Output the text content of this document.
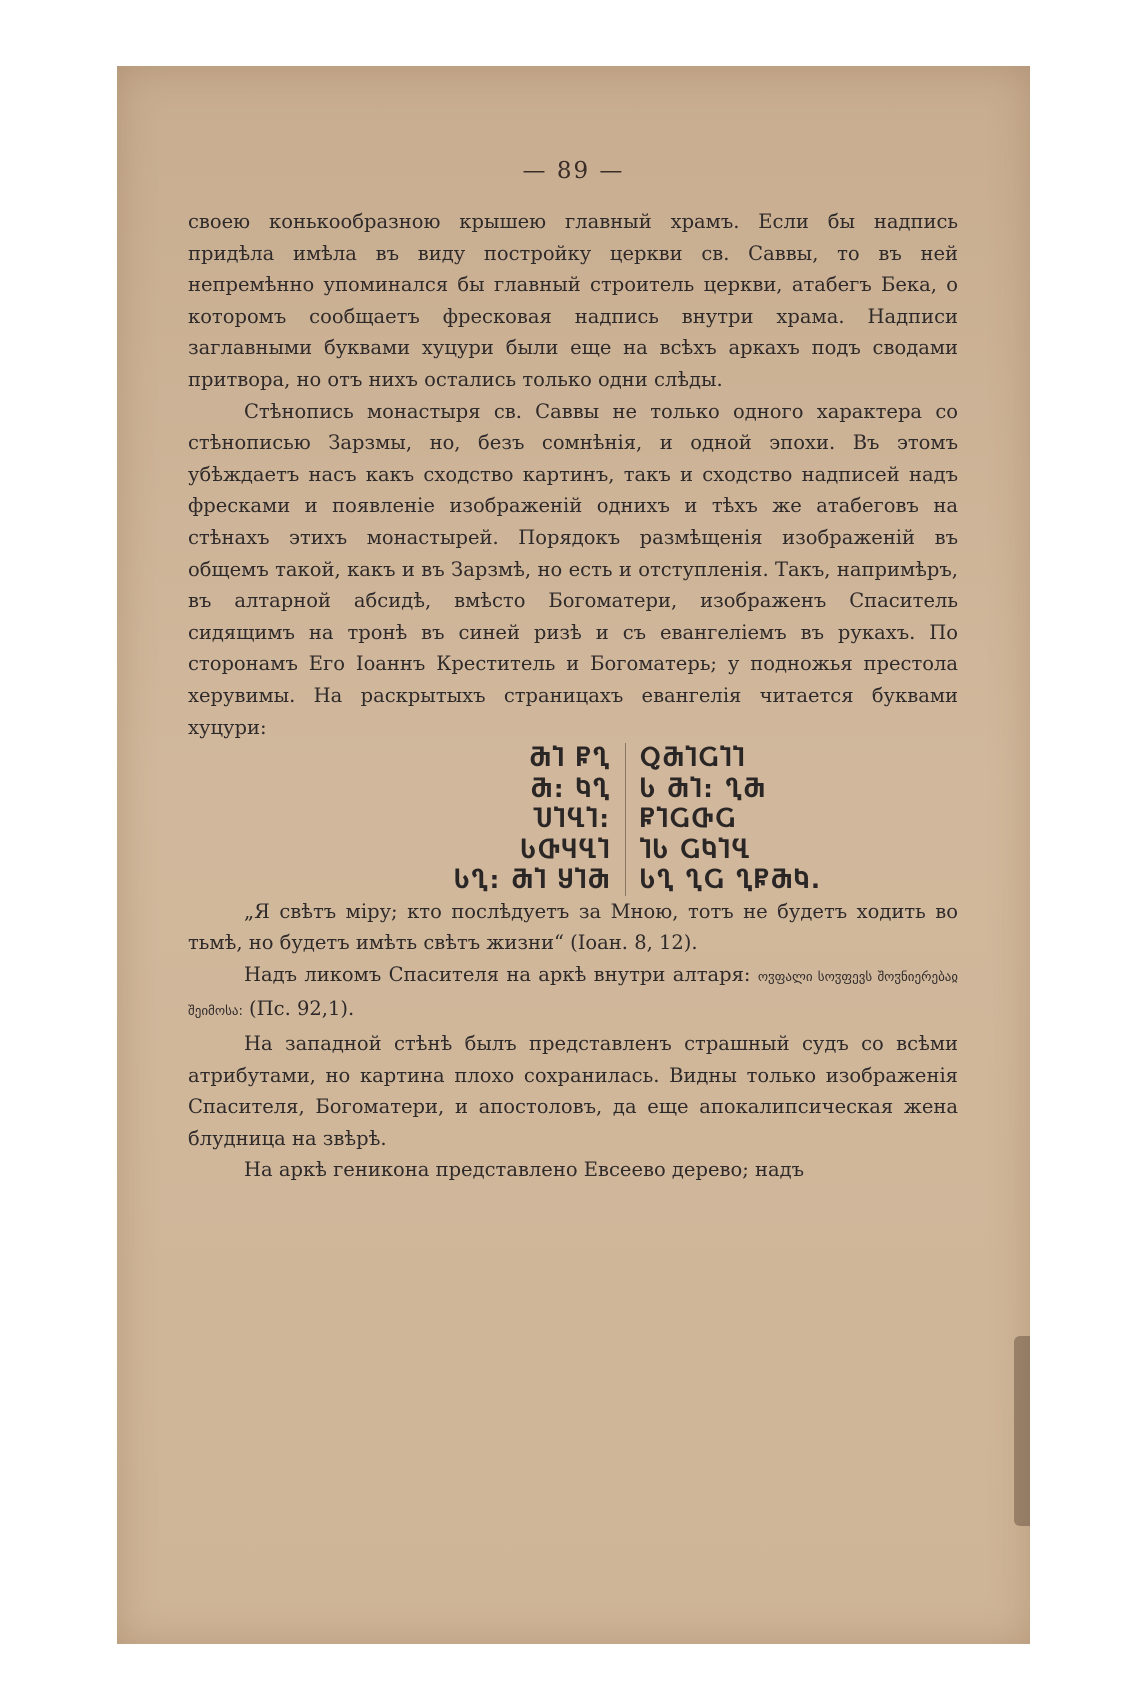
— 89 —

своею конькообразною крышею главный храмъ. Если бы надпись придѣла имѣла въ виду постройку церкви св. Саввы, то въ ней непремѣнно упоминался бы главный строитель церкви, атабегъ Бека, о которомъ сообщаетъ фресковая надпись внутри храма. Надписи заглавными буквами хуцури были еще на всѣхъ аркахъ подъ сводами притвора, но отъ нихъ остались только одни слѣды.

Стѣнопись монастыря св. Саввы не только одного характера со стѣнописью Зарзмы, но, безъ сомнѣнія, и одной эпохи. Въ этомъ убѣждаетъ насъ какъ сходство картинъ, такъ и сходство надписей надъ фресками и появленіе изображеній однихъ и тѣхъ же атабеговъ на стѣнахъ этихъ монастырей. Порядокъ размѣщенія изображеній въ общемъ такой, какъ и въ Зарзмѣ, но есть и отступленія. Такъ, напримѣръ, въ алтарной абсидѣ, вмѣсто Богоматери, изображенъ Спаситель сидящимъ на тронѣ въ синей ризѣ и съ евангеліемъ въ рукахъ. По сторонамъ Его Іоаннъ Креститель и Богоматерь; у подножья престола херувимы. На раскрытыхъ страницахъ евангелія читается буквами хуцури:

ႫႨ ႼႢ
Ⴋ: ႩႢ
ႮႨႡႨ:
ႱႧႷႡႨ
ႱႢ: ႫႨ ႸႨႫ
ႭႫႨႺႨႨ
Ⴑ ႫႨ: ႢႫ
ႼႨႺႧႺ
ႨႱ ႺႩႨႡ
ႱႢ ႢႺ ႢႼႫႩ.

„Я свѣтъ міру; кто послѣдуетъ за Мною, тотъ не будетъ ходить во тьмѣ, но будетъ имѣть свѣтъ жизни“ (Іоан. 8, 12).

Надъ ликомъ Спасителя на аркѣ внутри алтаря: ოჳფალი სოჳფევს შოჳნიერებაჲ შეიმოსა: (Пс. 92,1).

На западной стѣнѣ былъ представленъ страшный судъ со всѣми атрибутами, но картина плохо сохранилась. Видны только изображенія Спасителя, Богоматери, и апостоловъ, да еще апокалипсическая жена блудница на звѣрѣ.

На аркѣ геникона представлено Евсеево дерево; надъ
